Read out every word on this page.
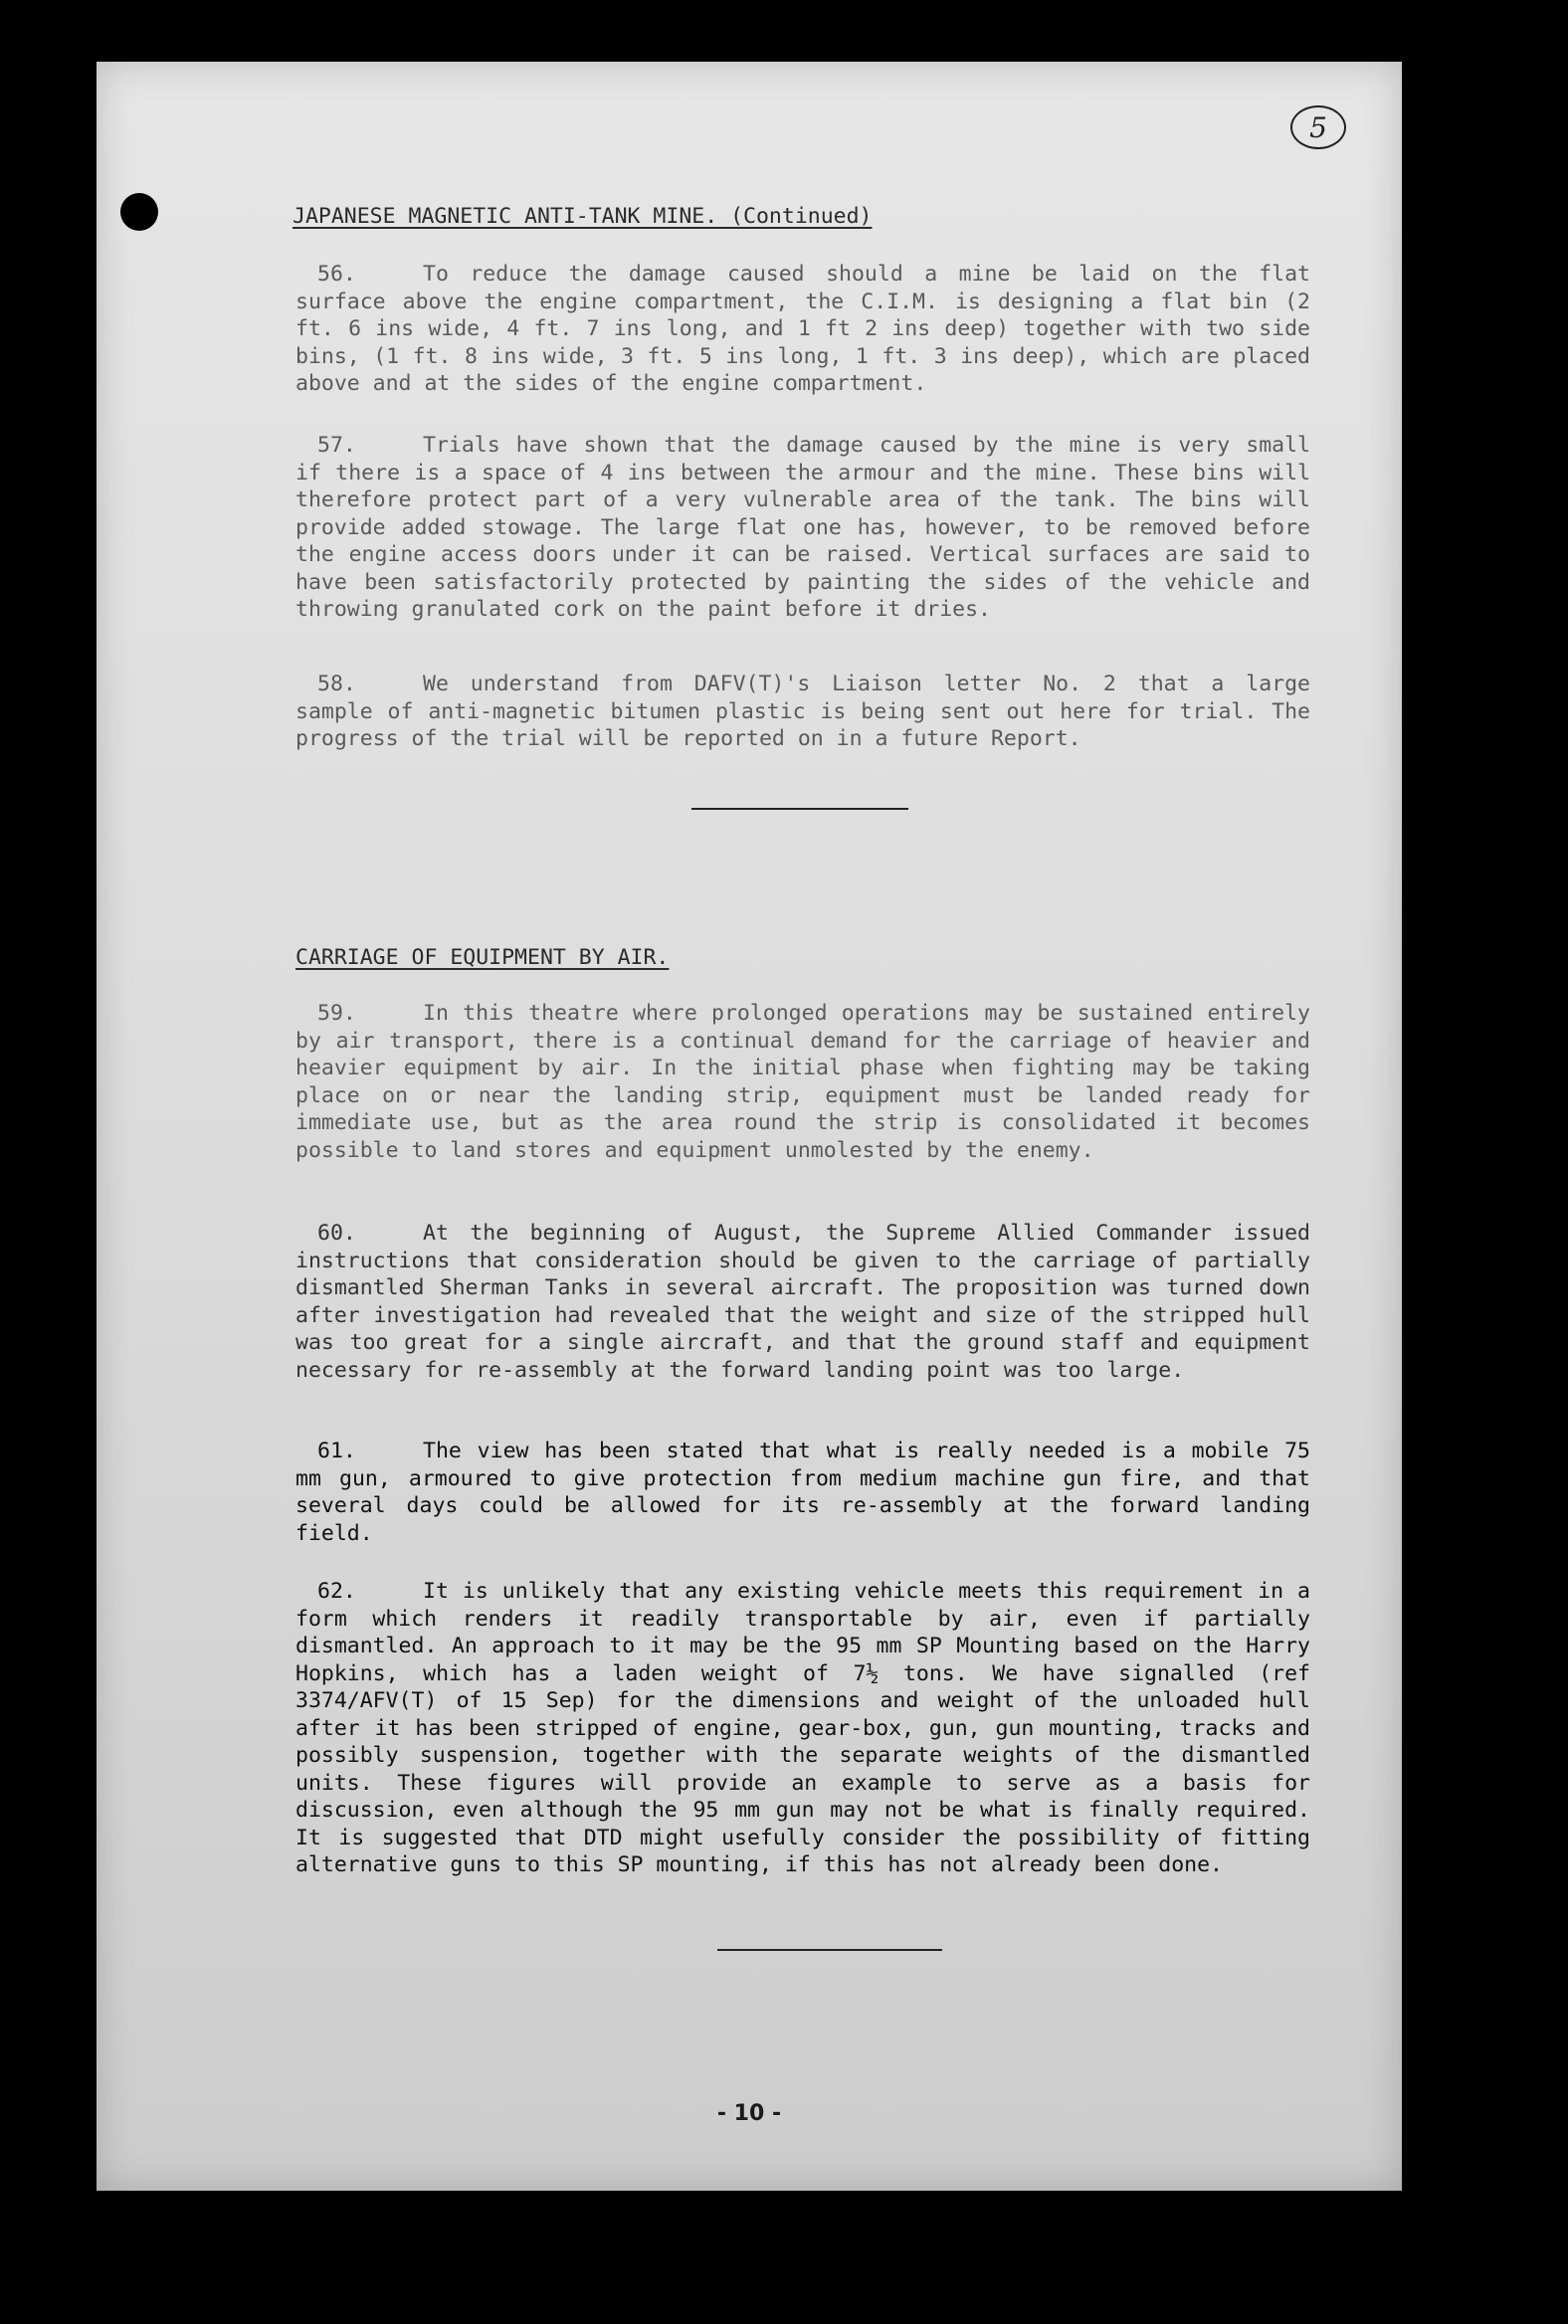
5
JAPANESE MAGNETIC ANTI-TANK MINE. (Continued)
56.	To reduce the damage caused should a mine be laid on the flat surface above the engine compartment, the C.I.M. is designing a flat bin (2 ft. 6 ins wide, 4 ft. 7 ins long, and 1 ft 2 ins deep) together with two side bins, (1 ft. 8 ins wide, 3 ft. 5 ins long, 1 ft. 3 ins deep), which are placed above and at the sides of the engine compartment.
57.	Trials have shown that the damage caused by the mine is very small if there is a space of 4 ins between the armour and the mine. These bins will therefore protect part of a very vulnerable area of the tank. The bins will provide added stowage. The large flat one has, however, to be removed before the engine access doors under it can be raised. Vertical surfaces are said to have been satisfactorily protected by painting the sides of the vehicle and throwing granulated cork on the paint before it dries.
58.	We understand from DAFV(T)'s Liaison letter No. 2 that a large sample of anti-magnetic bitumen plastic is being sent out here for trial. The progress of the trial will be reported on in a future Report.
CARRIAGE OF EQUIPMENT BY AIR.
59.	In this theatre where prolonged operations may be sustained entirely by air transport, there is a continual demand for the carriage of heavier and heavier equipment by air. In the initial phase when fighting may be taking place on or near the landing strip, equipment must be landed ready for immediate use, but as the area round the strip is consolidated it becomes possible to land stores and equipment unmolested by the enemy.
60.	At the beginning of August, the Supreme Allied Commander issued instructions that consideration should be given to the carriage of partially dismantled Sherman Tanks in several aircraft. The proposition was turned down after investigation had revealed that the weight and size of the stripped hull was too great for a single aircraft, and that the ground staff and equipment necessary for re-assembly at the forward landing point was too large.
61.	The view has been stated that what is really needed is a mobile 75 mm gun, armoured to give protection from medium machine gun fire, and that several days could be allowed for its re-assembly at the forward landing field.
62.	It is unlikely that any existing vehicle meets this requirement in a form which renders it readily transportable by air, even if partially dismantled. An approach to it may be the 95 mm SP Mounting based on the Harry Hopkins, which has a laden weight of 7½ tons. We have signalled (ref 3374/AFV(T) of 15 Sep) for the dimensions and weight of the unloaded hull after it has been stripped of engine, gear-box, gun, gun mounting, tracks and possibly suspension, together with the separate weights of the dismantled units. These figures will provide an example to serve as a basis for discussion, even although the 95 mm gun may not be what is finally required. It is suggested that DTD might usefully consider the possibility of fitting alternative guns to this SP mounting, if this has not already been done.
- 10 -
